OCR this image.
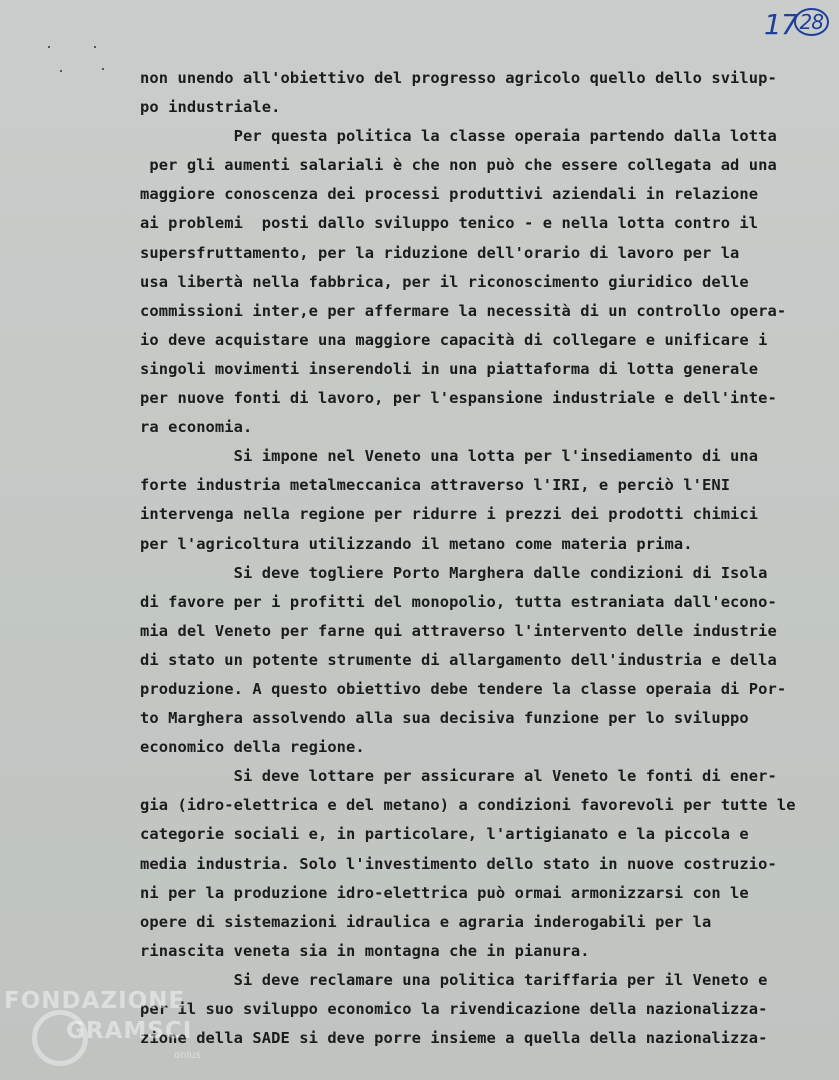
17 28
non unendo all'obiettivo del progresso agricolo quello dello svilup-
po industriale.
Per questa politica la classe operaia partendo dalla lotta
per gli aumenti salariali è che non può che essere collegata ad una
maggiore conoscenza dei processi produttivi aziendali in relazione
ai problemi  posti dallo sviluppo tenico - e nella lotta contro il
supersfruttamento, per la riduzione dell'orario di lavoro per la
usa libertà nella fabbrica, per il riconoscimento giuridico delle
commissioni inter,e per affermare la necessità di un controllo opera-
io deve acquistare una maggiore capacità di collegare e unificare i
singoli movimenti inserendoli in una piattaforma di lotta generale
per nuove fonti di lavoro, per l'espansione industriale e dell'inte-
ra economia.
Si impone nel Veneto una lotta per l'insediamento di una
forte industria metalmeccanica attraverso l'IRI, e perciò l'ENI
intervenga nella regione per ridurre i prezzi dei prodotti chimici
per l'agricoltura utilizzando il metano come materia prima.
Si deve togliere Porto Marghera dalle condizioni di Isola
di favore per i profitti del monopolio, tutta estraniata dall'econo-
mia del Veneto per farne qui attraverso l'intervento delle industrie
di stato un potente strumente di allargamento dell'industria e della
produzione. A questo obiettivo debe tendere la classe operaia di Por-
to Marghera assolvendo alla sua decisiva funzione per lo sviluppo
economico della regione.
Si deve lottare per assicurare al Veneto le fonti di ener-
gia (idro-elettrica e del metano) a condizioni favorevoli per tutte le
categorie sociali e, in particolare, l'artigianato e la piccola e
media industria. Solo l'investimento dello stato in nuove costruzio-
ni per la produzione idro-elettrica può ormai armonizzarsi con le
opere di sistemazioni idraulica e agraria inderogabili per la
rinascita veneta sia in montagna che in pianura.
Si deve reclamare una politica tariffaria per il Veneto e
per il suo sviluppo economico la rivendicazione della nazionalizza-
zione della SADE si deve porre insieme a quella della nazionalizza-
FONDAZIONE
GRAMSCI
onlus
